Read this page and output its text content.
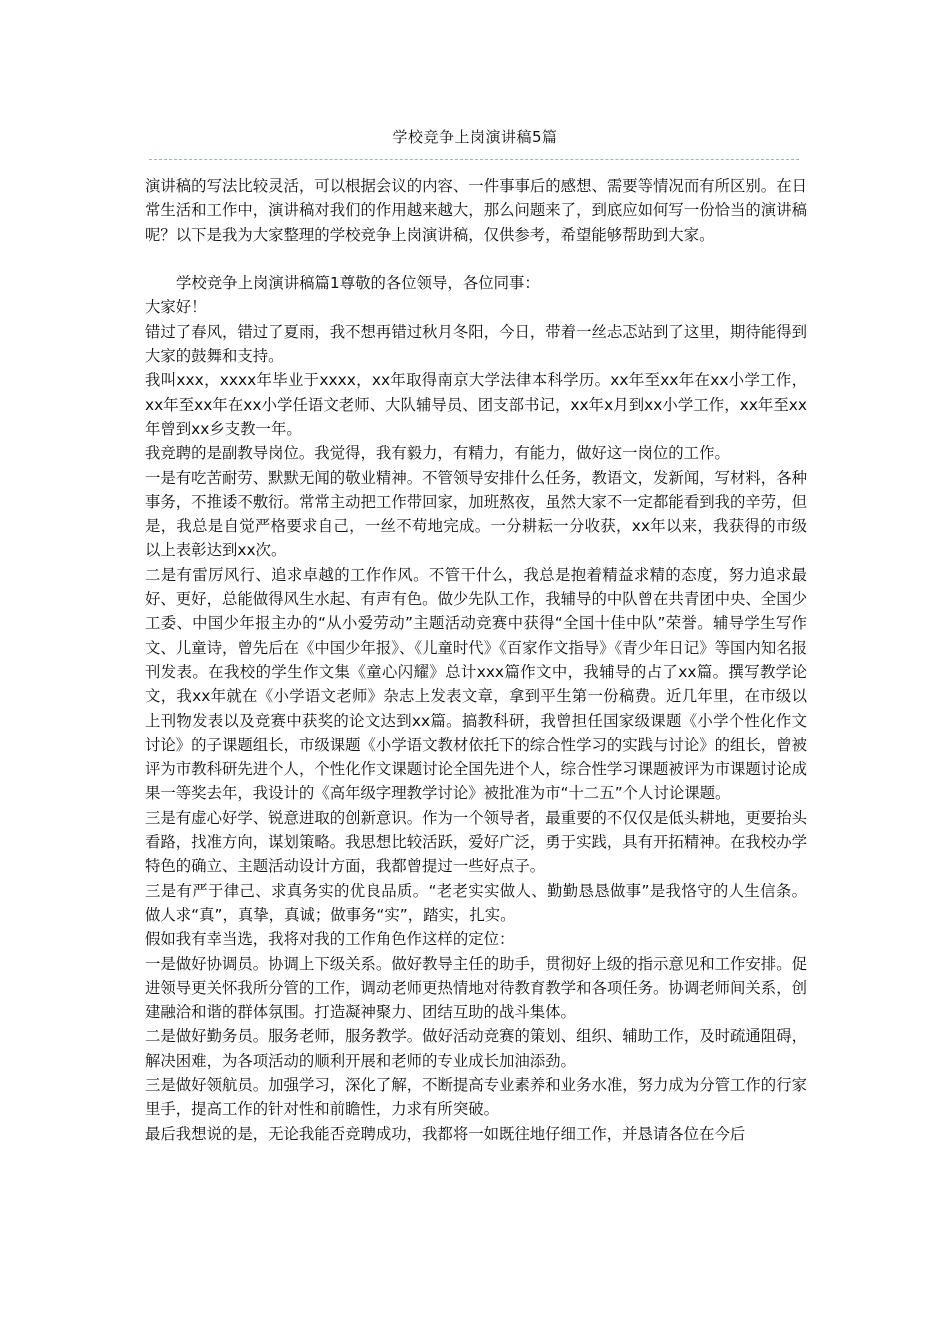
学校竞争上岗演讲稿5篇

演讲稿的写法比较灵活，可以根据会议的内容、一件事事后的感想、需要等情况而有所区别。在日常生活和工作中，演讲稿对我们的作用越来越大，那么问题来了，到底应如何写一份恰当的演讲稿呢？以下是我为大家整理的学校竞争上岗演讲稿，仅供参考，希望能够帮助到大家。

学校竞争上岗演讲稿篇1尊敬的各位领导，各位同事：

大家好！

错过了春风，错过了夏雨，我不想再错过秋月冬阳，今日，带着一丝忐忑站到了这里，期待能得到大家的鼓舞和支持。

我叫xxx，xxxx年毕业于xxxx，xx年取得南京大学法律本科学历。xx年至xx年在xx小学工作，xx年至xx年在xx小学任语文老师、大队辅导员、团支部书记，xx年x月到xx小学工作，xx年至xx年曾到xx乡支教一年。

我竞聘的是副教导岗位。我觉得，我有毅力，有精力，有能力，做好这一岗位的工作。

一是有吃苦耐劳、默默无闻的敬业精神。不管领导安排什么任务，教语文，发新闻，写材料，各种事务，不推诿不敷衍。常常主动把工作带回家，加班熬夜，虽然大家不一定都能看到我的辛劳，但是，我总是自觉严格要求自己，一丝不苟地完成。一分耕耘一分收获，xx年以来，我获得的市级以上表彰达到xx次。

二是有雷厉风行、追求卓越的工作作风。不管干什么，我总是抱着精益求精的态度，努力追求最好、更好，总能做得风生水起、有声有色。做少先队工作，我辅导的中队曾在共青团中央、全国少工委、中国少年报主办的“从小爱劳动”主题活动竞赛中获得“全国十佳中队”荣誉。辅导学生写作文、儿童诗，曾先后在《中国少年报》、《儿童时代》《百家作文指导》《青少年日记》等国内知名报刊发表。在我校的学生作文集《童心闪耀》总计xxx篇作文中，我辅导的占了xx篇。撰写教学论文，我xx年就在《小学语文老师》杂志上发表文章，拿到平生第一份稿费。近几年里，在市级以上刊物发表以及竞赛中获奖的论文达到xx篇。搞教科研，我曾担任国家级课题《小学个性化作文讨论》的子课题组长，市级课题《小学语文教材依托下的综合性学习的实践与讨论》的组长，曾被评为市教科研先进个人，个性化作文课题讨论全国先进个人，综合性学习课题被评为市课题讨论成果一等奖去年，我设计的《高年级字理教学讨论》被批准为市“十二五”个人讨论课题。

三是有虚心好学、锐意进取的创新意识。作为一个领导者，最重要的不仅仅是低头耕地，更要抬头看路，找准方向，谋划策略。我思想比较活跃，爱好广泛，勇于实践，具有开拓精神。在我校办学特色的确立、主题活动设计方面，我都曾提过一些好点子。

三是有严于律己、求真务实的优良品质。“老老实实做人、勤勤恳恳做事”是我恪守的人生信条。做人求“真”，真挚，真诚；做事务“实”，踏实，扎实。

假如我有幸当选，我将对我的工作角色作这样的定位：

一是做好协调员。协调上下级关系。做好教导主任的助手，贯彻好上级的指示意见和工作安排。促进领导更关怀我所分管的工作，调动老师更热情地对待教育教学和各项任务。协调老师间关系，创建融洽和谐的群体氛围。打造凝神聚力、团结互助的战斗集体。

二是做好勤务员。服务老师，服务教学。做好活动竞赛的策划、组织、辅助工作，及时疏通阻碍，解决困难，为各项活动的顺利开展和老师的专业成长加油添劲。

三是做好领航员。加强学习，深化了解，不断提高专业素养和业务水准，努力成为分管工作的行家里手，提高工作的针对性和前瞻性，力求有所突破。

最后我想说的是，无论我能否竞聘成功，我都将一如既往地仔细工作，并恳请各位在今后
